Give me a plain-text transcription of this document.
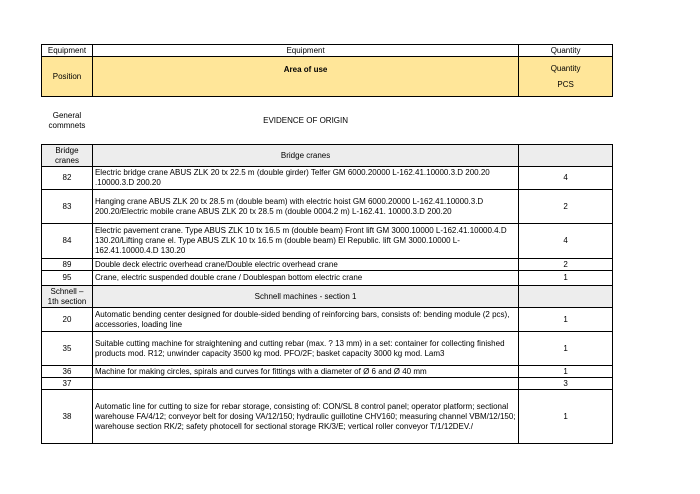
Equipment	Equipment	Quantity
Position	Area of use	Quantity
PCS

General commnets	EVIDENCE OF ORIGIN	
Bridge cranes	Bridge cranes	
82	Electric bridge crane ABUS ZLK 20 tx 22.5 m (double girder) Telfer GM 6000.20000 L-162.41.10000.3.D 200.20 .10000.3.D 200.20	4
83	Hanging crane ABUS ZLK 20 tx 28.5 m (double beam) with electric hoist GM 6000.20000 L-162.41.10000.3.D 200.20/Electric mobile crane ABUS ZLK 20 tx 28.5 m (double 0004.2 m) L-162.41. 10000.3.D 200.20	2
84	Electric pavement crane. Type ABUS ZLK 10 tx 16.5 m (double beam) Front lift GM 3000.10000 L-162.41.10000.4.D 130.20/Lifting crane el. Type ABUS ZLK 10 tx 16.5 m (double beam) El Republic. lift GM 3000.10000 L-162.41.10000.4.D 130.20	4
89	Double deck electric overhead crane/Double electric overhead crane	2
95	Crane, electric suspended double crane / Doublespan bottom electric crane	1
Schnell – 1th section	Schnell machines - section 1	
20	Automatic bending center designed for double-sided bending of reinforcing bars, consists of: bending module (2 pcs), accessories, loading line	1
35	Suitable cutting machine for straightening and cutting rebar (max. ? 13 mm) in a set: container for collecting finished products mod. R12; unwinder capacity 3500 kg mod. PFO/2F; basket capacity 3000 kg mod. Lam3	1
36	Machine for making circles, spirals and curves for fittings with a diameter of Ø 6 and Ø 40 mm	1
37		3
38	Automatic line for cutting to size for rebar storage, consisting of: CON/SL 8 control panel; operator platform; sectional warehouse FA/4/12; conveyor belt for dosing VA/12/150; hydraulic guillotine CHV160; measuring channel VBM/12/150; warehouse section RK/2; safety photocell for sectional storage RK/3/E; vertical roller conveyor T/1/12DEV./	1
